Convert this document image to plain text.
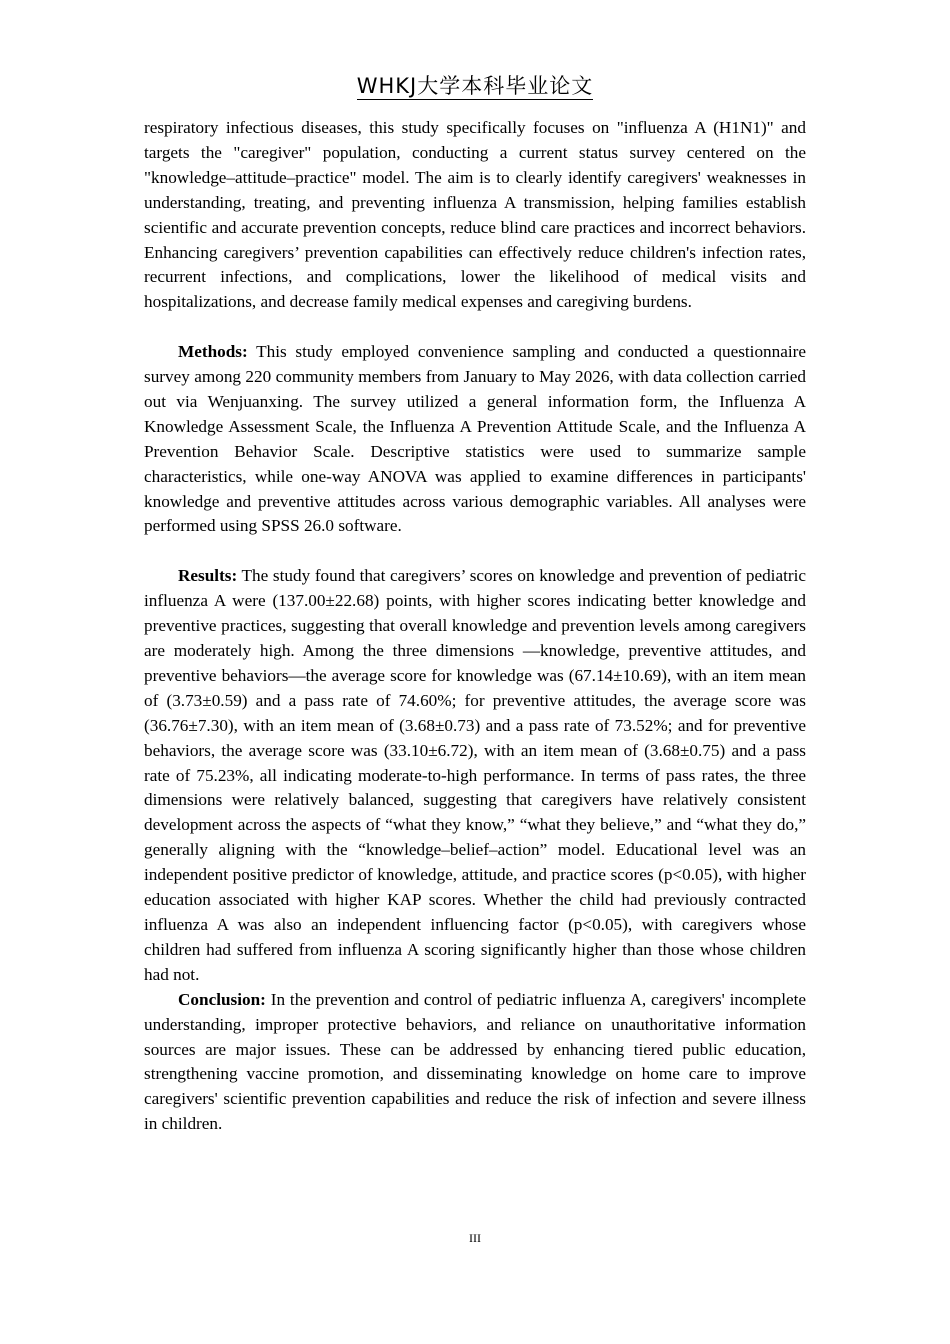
WHKJ大学本科毕业论文

respiratory infectious diseases, this study specifically focuses on "influenza A (H1N1)" and targets the "caregiver" population, conducting a current status survey centered on the "knowledge–attitude–practice" model. The aim is to clearly identify caregivers' weaknesses in understanding, treating, and preventing influenza A transmission, helping families establish scientific and accurate prevention concepts, reduce blind care practices and incorrect behaviors. Enhancing caregivers’ prevention capabilities can effectively reduce children's infection rates, recurrent infections, and complications, lower the likelihood of medical visits and hospitalizations, and decrease family medical expenses and caregiving burdens.

Methods: This study employed convenience sampling and conducted a questionnaire survey among 220 community members from January to May 2026, with data collection carried out via Wenjuanxing. The survey utilized a general information form, the Influenza A Knowledge Assessment Scale, the Influenza A Prevention Attitude Scale, and the Influenza A Prevention Behavior Scale. Descriptive statistics were used to summarize sample characteristics, while one-way ANOVA was applied to examine differences in participants' knowledge and preventive attitudes across various demographic variables. All analyses were performed using SPSS 26.0 software.

Results: The study found that caregivers’ scores on knowledge and prevention of pediatric influenza A were (137.00±22.68) points, with higher scores indicating better knowledge and preventive practices, suggesting that overall knowledge and prevention levels among caregivers are moderately high. Among the three dimensions —knowledge, preventive attitudes, and preventive behaviors—the average score for knowledge was (67.14±10.69), with an item mean of (3.73±0.59) and a pass rate of 74.60%; for preventive attitudes, the average score was (36.76±7.30), with an item mean of (3.68±0.73) and a pass rate of 73.52%; and for preventive behaviors, the average score was (33.10±6.72), with an item mean of (3.68±0.75) and a pass rate of 75.23%, all indicating moderate-to-high performance. In terms of pass rates, the three dimensions were relatively balanced, suggesting that caregivers have relatively consistent development across the aspects of “what they know,” “what they believe,” and “what they do,” generally aligning with the “knowledge–belief–action” model. Educational level was an independent positive predictor of knowledge, attitude, and practice scores (p<0.05), with higher education associated with higher KAP scores. Whether the child had previously contracted influenza A was also an independent influencing factor (p<0.05), with caregivers whose children had suffered from influenza A scoring significantly higher than those whose children had not.

Conclusion: In the prevention and control of pediatric influenza A, caregivers' incomplete understanding, improper protective behaviors, and reliance on unauthoritative information sources are major issues. These can be addressed by enhancing tiered public education, strengthening vaccine promotion, and disseminating knowledge on home care to improve caregivers' scientific prevention capabilities and reduce the risk of infection and severe illness in children.

III
